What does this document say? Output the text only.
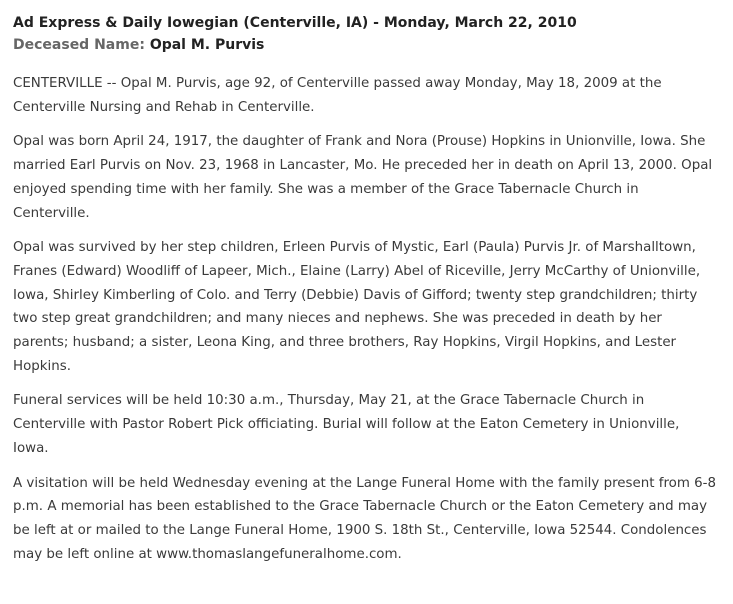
Ad Express & Daily Iowegian (Centerville, IA) - Monday, March 22, 2010
Deceased Name: Opal M. Purvis

CENTERVILLE -- Opal M. Purvis, age 92, of Centerville passed away Monday, May 18, 2009 at the Centerville Nursing and Rehab in Centerville.

Opal was born April 24, 1917, the daughter of Frank and Nora (Prouse) Hopkins in Unionville, Iowa. She married Earl Purvis on Nov. 23, 1968 in Lancaster, Mo. He preceded her in death on April 13, 2000. Opal enjoyed spending time with her family. She was a member of the Grace Tabernacle Church in Centerville.

Opal was survived by her step children, Erleen Purvis of Mystic, Earl (Paula) Purvis Jr. of Marshalltown, Franes (Edward) Woodliff of Lapeer, Mich., Elaine (Larry) Abel of Riceville, Jerry McCarthy of Unionville, Iowa, Shirley Kimberling of Colo. and Terry (Debbie) Davis of Gifford; twenty step grandchildren; thirty two step great grandchildren; and many nieces and nephews. She was preceded in death by her parents; husband; a sister, Leona King, and three brothers, Ray Hopkins, Virgil Hopkins, and Lester Hopkins.

Funeral services will be held 10:30 a.m., Thursday, May 21, at the Grace Tabernacle Church in Centerville with Pastor Robert Pick officiating. Burial will follow at the Eaton Cemetery in Unionville, Iowa.

A visitation will be held Wednesday evening at the Lange Funeral Home with the family present from 6-8 p.m. A memorial has been established to the Grace Tabernacle Church or the Eaton Cemetery and may be left at or mailed to the Lange Funeral Home, 1900 S. 18th St., Centerville, Iowa 52544. Condolences may be left online at www.thomaslangefuneralhome.com.
